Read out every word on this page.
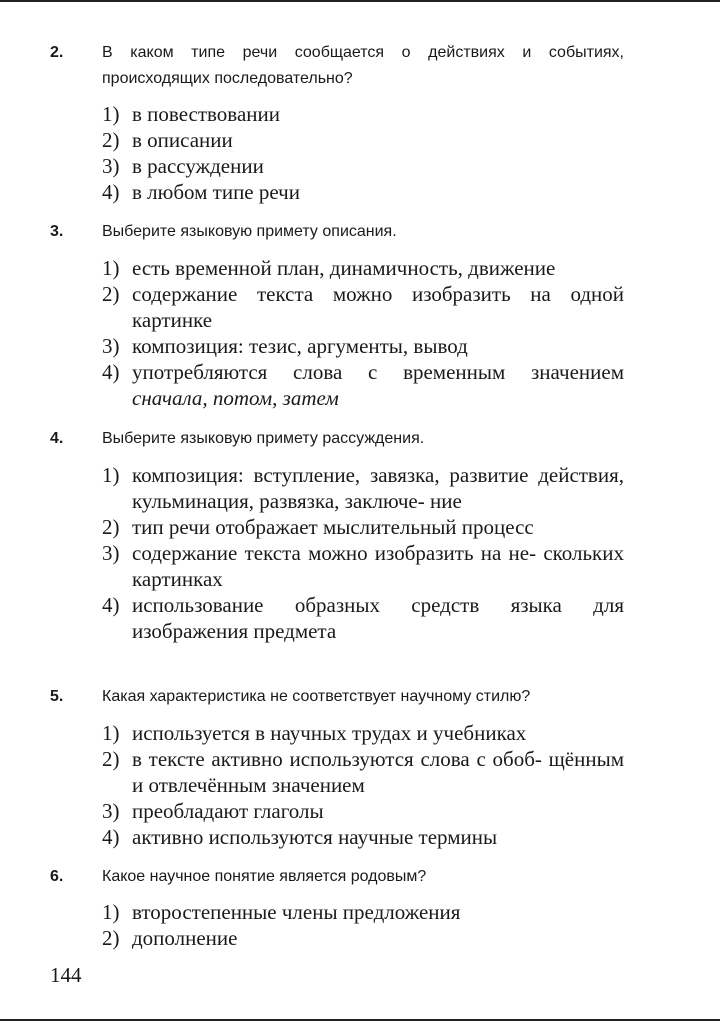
2. В каком типе речи сообщается о действиях и событиях, происходящих последовательно?
1) в повествовании
2) в описании
3) в рассуждении
4) в любом типе речи
3. Выберите языковую примету описания.
1) есть временной план, динамичность, движение
2) содержание текста можно изобразить на одной картинке
3) композиция: тезис, аргументы, вывод
4) употребляются слова с временным значением
сначала, потом, затем
4. Выберите языковую примету рассуждения.
1) композиция: вступление, завязка, развитие действия, кульминация, развязка, заключе- ние
2) тип речи отображает мыслительный процесс
3) содержание текста можно изобразить на не- скольких картинках
4) использование образных средств языка для изображения предмета
5. Какая характеристика не соответствует научному стилю?
1) используется в научных трудах и учебниках
2) в тексте активно используются слова с обоб- щённым и отвлечённым значением
3) преобладают глаголы
4) активно используются научные термины
6. Какое научное понятие является родовым?
1) второстепенные члены предложения
2) дополнение
144
